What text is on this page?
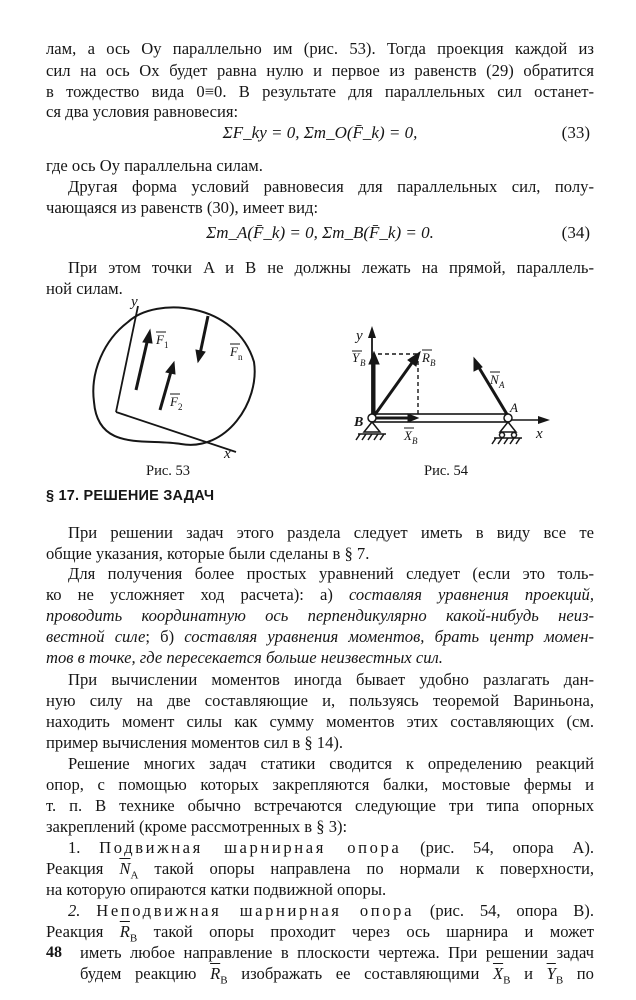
лам, а ось Oy параллельно им (рис. 53). Тогда проекция каждой из
сил на ось Ox будет равна нулю и первое из равенств (29) обратится
в тождество вида 0≡0. В результате для параллельных сил останет-
ся два условия равновесия:
ΣF_ky = 0, Σm_O(F̄_k) = 0,	(33)
где ось Oy параллельна силам.
Другая форма условий равновесия для параллельных сил, полу-
чающаяся из равенств (30), имеет вид:
Σm_A(F̄_k) = 0, Σm_B(F̄_k) = 0.	(34)
При этом точки A и B не должны лежать на прямой, параллель-
ной силам.
y
x
F 1
F 2
F n
Рис. 53
y
x
Y B	R B
N A
X B
B
A
Рис. 54
§ 17. РЕШЕНИЕ ЗАДАЧ
При решении задач этого раздела следует иметь в виду все те
общие указания, которые были сделаны в § 7.
Для получения более простых уравнений следует (если это толь-
ко не усложняет ход расчета): а) составляя уравнения проекций,
проводить координатную ось перпендикулярно какой-нибудь неиз-
вестной силе; б) составляя уравнения моментов, брать центр момен-
тов в точке, где пересекается больше неизвестных сил.
При вычислении моментов иногда бывает удобно разлагать дан-
ную силу на две составляющие и, пользуясь теоремой Вариньона,
находить момент силы как сумму моментов этих составляющих (см.
пример вычисления моментов сил в § 14).
Решение многих задач статики сводится к определению реакций
опор, с помощью которых закрепляются балки, мостовые фермы и
т. п. В технике обычно встречаются следующие три типа опорных
закреплений (кроме рассмотренных в § 3):
1. Подвижная шарнирная опора (рис. 54, опора A).
Реакция $\overline{N}_A$ такой опоры направлена по нормали к поверхности,
на которую опираются катки подвижной опоры.
2. Неподвижная шарнирная опора (рис. 54, опора B).
Реакция $\overline{R}_B$ такой опоры проходит через ось шарнира и может
иметь любое направление в плоскости чертежа. При решении задач
будем реакцию $\overline{R}_B$ изображать ее составляющими $\overline{X}_B$ и $\overline{Y}_B$ по
48
